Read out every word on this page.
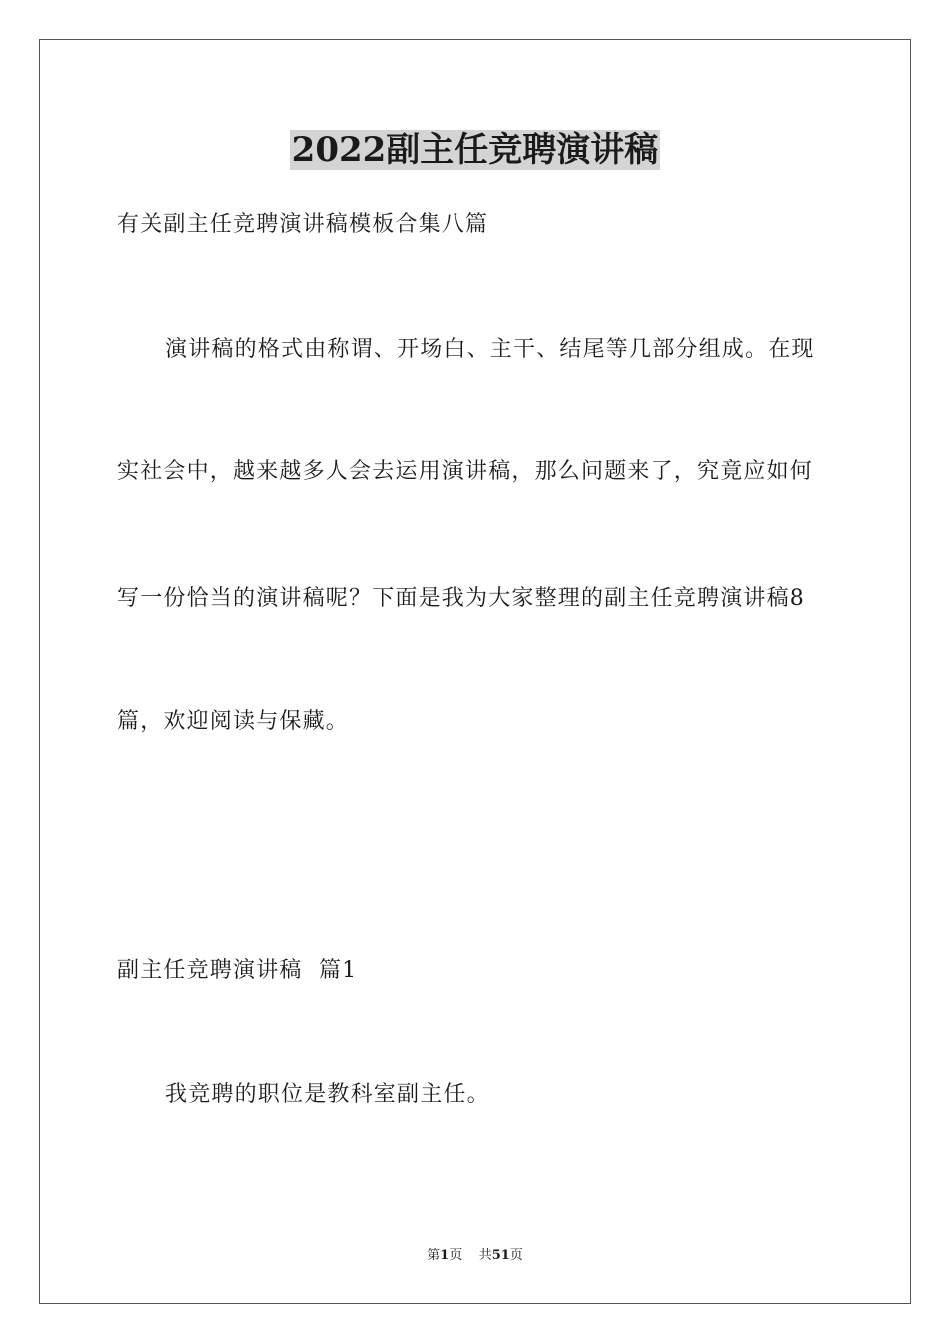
2022副主任竞聘演讲稿
有关副主任竞聘演讲稿模板合集八篇
演讲稿的格式由称谓、开场白、主干、结尾等几部分组成。在现
实社会中，越来越多人会去运用演讲稿，那么问题来了，究竟应如何
写一份恰当的演讲稿呢？下面是我为大家整理的副主任竞聘演讲稿8
篇，欢迎阅读与保藏。
副主任竞聘演讲稿  篇1
我竞聘的职位是教科室副主任。
第1页 共51页
